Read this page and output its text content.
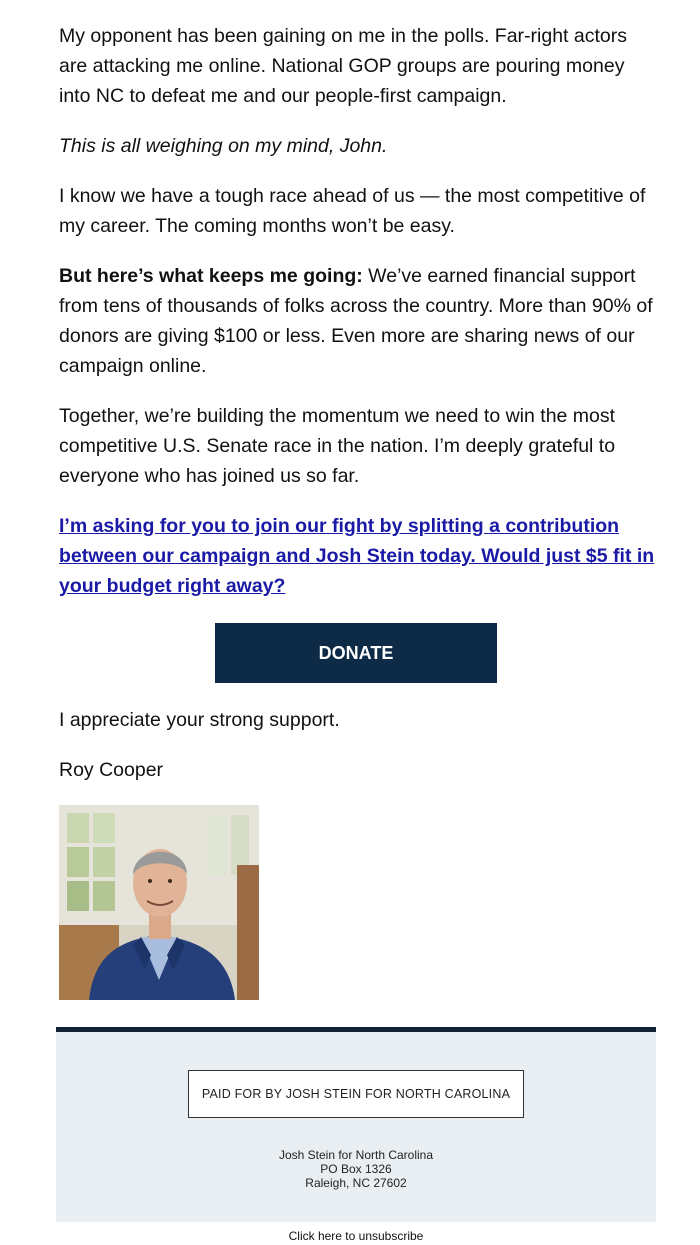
My opponent has been gaining on me in the polls. Far-right actors are attacking me online. National GOP groups are pouring money into NC to defeat me and our people-first campaign.

This is all weighing on my mind, John.

I know we have a tough race ahead of us — the most competitive of my career. The coming months won’t be easy.

But here’s what keeps me going: We’ve earned financial support from tens of thousands of folks across the country. More than 90% of donors are giving $100 or less. Even more are sharing news of our campaign online.

Together, we’re building the momentum we need to win the most competitive U.S. Senate race in the nation. I’m deeply grateful to everyone who has joined us so far.

I’m asking for you to join our fight by splitting a contribution between our campaign and Josh Stein today. Would just $5 fit in your budget right away?

DONATE

I appreciate your strong support.

Roy Cooper

PAID FOR BY JOSH STEIN FOR NORTH CAROLINA
Josh Stein for North Carolina
PO Box 1326
Raleigh, NC 27602
Click here to unsubscribe
